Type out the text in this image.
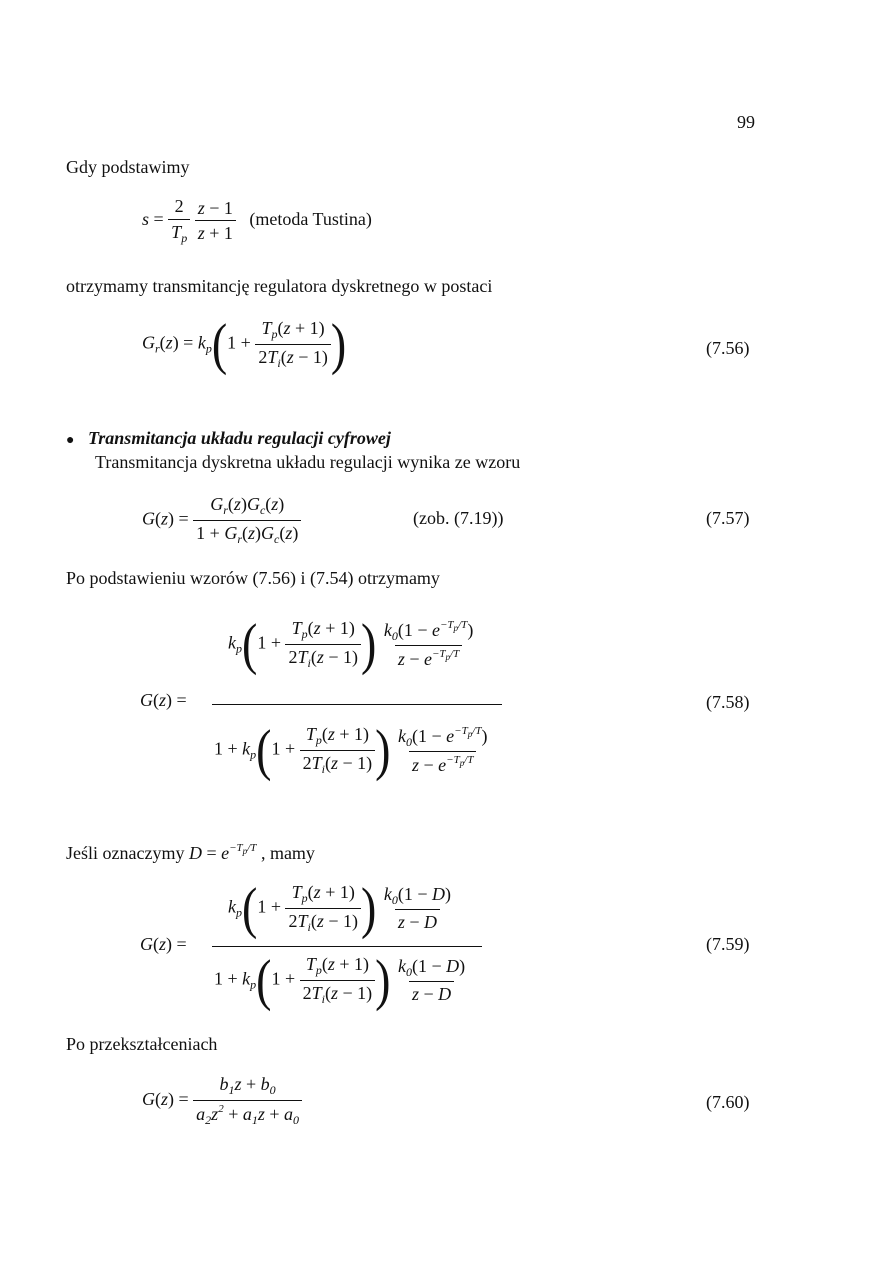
99
Gdy podstawimy
$s = \frac{2}{T_p}$
$\frac{z - 1}{z + 1}$ (metoda Tustina)
otrzymamy transmitancję regulatora dyskretnego w postaci
$G_r(z) = k_p(1 + \frac{T_p(z + 1)}{2T_i(z - 1)}$ )	(7.56)
● Transmitancja układu regulacji cyfrowej
Transmitancja dyskretna układu regulacji wynika ze wzoru
$G(z) = \frac{G_r(z)G_c(z)}{1 + G_r(z)G_c(z)}$	(zob. (7.19))	(7.57)
Po podstawieniu wzorów (7.56) i (7.54) otrzymamy
G(z) =
$k_p(1 + \frac{T_p(z + 1)}{2T_i(z - 1)}$ ) $\frac{k_0(1 - e^{-T_p/T})}{z - e^{-T_p/T}}$
$1 + k_p(1 + \frac{T_p(z + 1)}{2T_i(z - 1)}$ ) $\frac{k_0(1 - e^{-T_p/T})}{z - e^{-T_p/T}}$
(7.58)
Jeśli oznaczymy $D = e^{-T_p/T}$ , mamy
G(z) =
$k_p(1 + \frac{T_p(z + 1)}{2T_i(z - 1)}$ ) $\frac{k_0(1 - D)}{z - D}$
$1 + k_p(1 + \frac{T_p(z + 1)}{2T_i(z - 1)}$ ) $\frac{k_0(1 - D)}{z - D}$
(7.59)
Po przekształceniach
$G(z) = \frac{b_1z + b_0}{a_2z^2 + a_1z + a_0}$	(7.60)
